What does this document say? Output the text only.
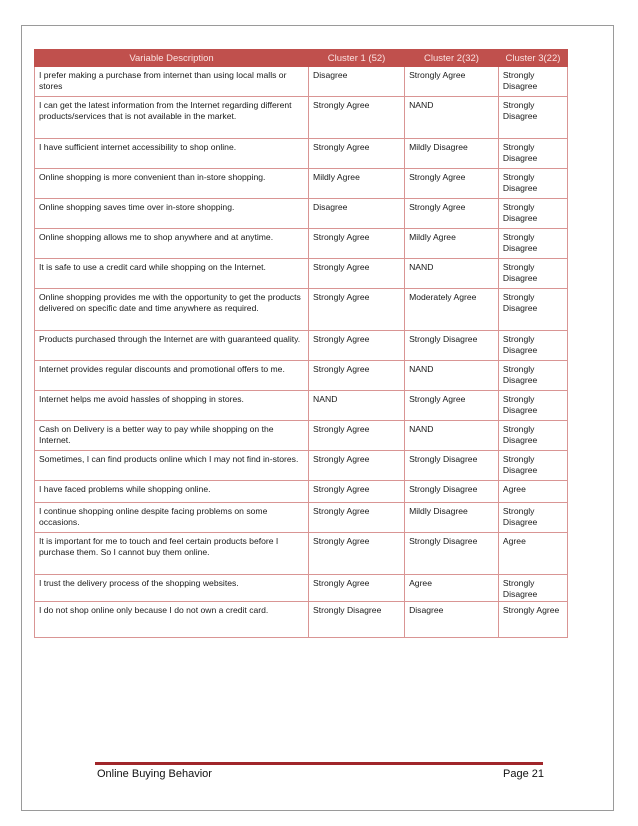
Variable Description	Cluster 1 (52)	Cluster 2(32)	Cluster 3(22)
I prefer making a purchase from internet than using local malls or stores	Disagree	Strongly Agree	Strongly Disagree
I can get the latest information from the Internet regarding different products/services that is not available in the market.	Strongly Agree	NAND	Strongly Disagree
I have sufficient internet accessibility to shop online.	Strongly Agree	Mildly Disagree	Strongly Disagree
Online shopping is more convenient than in-store shopping.	Mildly Agree	Strongly Agree	Strongly Disagree
Online shopping saves time over in-store shopping.	Disagree	Strongly Agree	Strongly Disagree
Online shopping allows me to shop anywhere and at anytime.	Strongly Agree	Mildly Agree	Strongly Disagree
It is safe to use a credit card while shopping on the Internet.	Strongly Agree	NAND	Strongly Disagree
Online shopping provides me with the opportunity to get the products delivered on specific date and time anywhere as required.	Strongly Agree	Moderately Agree	Strongly Disagree
Products purchased through the Internet are with guaranteed quality.	Strongly Agree	Strongly Disagree	Strongly Disagree
Internet provides regular discounts and promotional offers to me.	Strongly Agree	NAND	Strongly Disagree
Internet helps me avoid hassles of shopping in stores.	NAND	Strongly Agree	Strongly Disagree
Cash on Delivery is a better way to pay while shopping on the Internet.	Strongly Agree	NAND	Strongly Disagree
Sometimes, I can find products online which I may not find in-stores.	Strongly Agree	Strongly Disagree	Strongly Disagree
I have faced problems while shopping online.	Strongly Agree	Strongly Disagree	Agree
I continue shopping online despite facing problems on some occasions.	Strongly Agree	Mildly Disagree	Strongly Disagree
It is important for me to touch and feel certain products before I purchase them. So I cannot buy them online.	Strongly Agree	Strongly Disagree	Agree
I trust the delivery process of the shopping websites.	Strongly Agree	Agree	Strongly Disagree
I do not shop online only because I do not own a credit card.	Strongly Disagree	Disagree	Strongly Agree
Online Buying Behavior	Page 21
